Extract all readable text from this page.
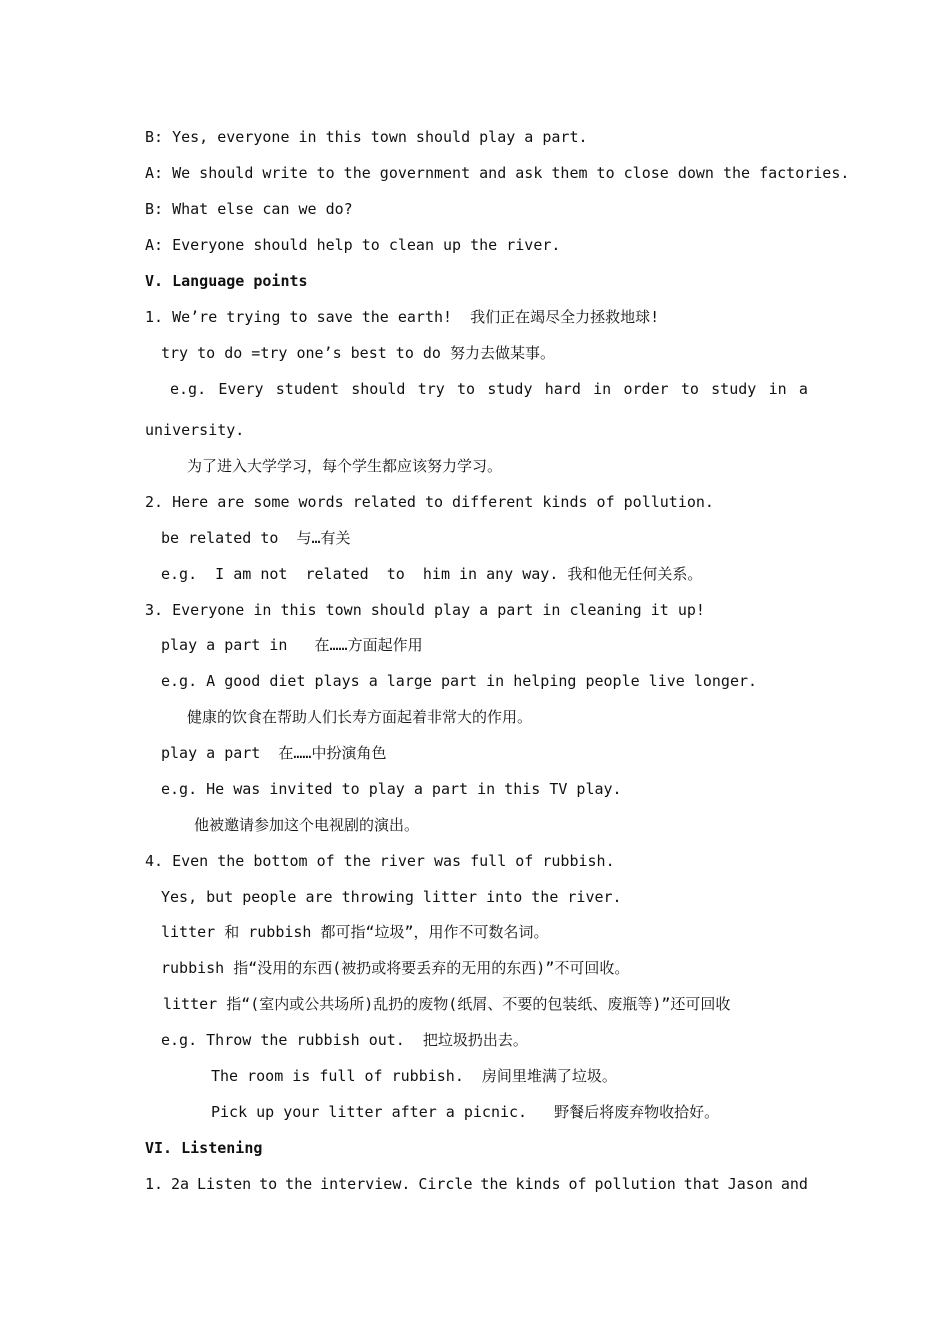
B: Yes, everyone in this town should play a part.
A: We should write to the government and ask them to close down the factories.
B: What else can we do?
A: Everyone should help to clean up the river.
V. Language points
1. We’re trying to save the earth!  我们正在竭尽全力拯救地球!
try to do =try one’s best to do 努力去做某事。
e.g. Every student should try to study hard in order to study in a
university.
为了进入大学学习，每个学生都应该努力学习。
2. Here are some words related to different kinds of pollution.
be related to  与…有关
e.g.  I am not  related  to  him in any way. 我和他无任何关系。
3. Everyone in this town should play a part in cleaning it up!
play a part in   在……方面起作用
e.g. A good diet plays a large part in helping people live longer.
健康的饮食在帮助人们长寿方面起着非常大的作用。
play a part  在……中扮演角色
e.g. He was invited to play a part in this TV play.
他被邀请参加这个电视剧的演出。
4. Even the bottom of the river was full of rubbish.
Yes, but people are throwing litter into the river.
litter 和 rubbish 都可指“垃圾”，用作不可数名词。
rubbish 指“没用的东西(被扔或将要丢弃的无用的东西)”不可回收。
litter 指“(室内或公共场所)乱扔的废物(纸屑、不要的包装纸、废瓶等)”还可回收
e.g. Throw the rubbish out.  把垃圾扔出去。
The room is full of rubbish.  房间里堆满了垃圾。
Pick up your litter after a picnic.   野餐后将废弃物收拾好。
VI. Listening
1. 2a Listen to the interview. Circle the kinds of pollution that Jason and
